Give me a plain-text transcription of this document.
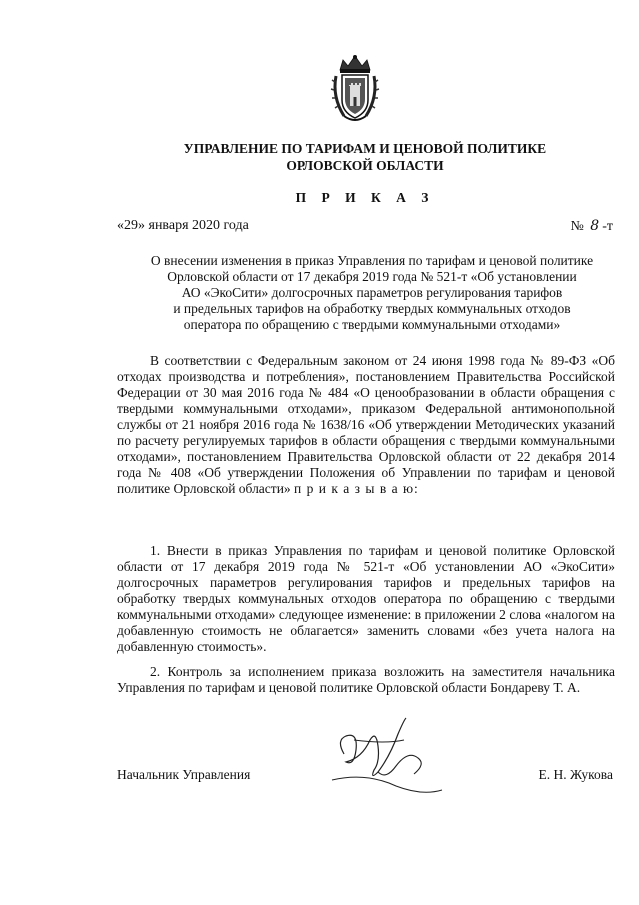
УПРАВЛЕНИЕ ПО ТАРИФАМ И ЦЕНОВОЙ ПОЛИТИКЕ
ОРЛОВСКОЙ ОБЛАСТИ
П Р И К А З
«29» января 2020 года	№ 8 -т
О внесении изменения в приказ Управления по тарифам и ценовой политике
Орловской области от 17 декабря 2019 года № 521-т «Об установлении
АО «ЭкоСити» долгосрочных параметров регулирования тарифов
и предельных тарифов на обработку твердых коммунальных отходов
оператора по обращению с твердыми коммунальными отходами»
В соответствии с Федеральным законом от 24 июня 1998 года № 89-ФЗ «Об отходах производства и потребления», постановлением Правительства Российской Федерации от 30 мая 2016 года № 484 «О ценообразовании в области обращения с твердыми коммунальными отходами», приказом Федеральной антимонопольной службы от 21 ноября 2016 года № 1638/16 «Об утверждении Методических указаний по расчету регулируемых тарифов в области обращения с твердыми коммунальными отходами», постановлением Правительства Орловской области от 22 декабря 2014 года № 408 «Об утверждении Положения об Управлении по тарифам и ценовой политике Орловской области» п р и к а з ы в а ю:
1. Внести в приказ Управления по тарифам и ценовой политике Орловской области от 17 декабря 2019 года № 521-т «Об установлении АО «ЭкоСити» долгосрочных параметров регулирования тарифов и предельных тарифов на обработку твердых коммунальных отходов оператора по обращению с твердыми коммунальными отходами» следующее изменение: в приложении 2 слова «налогом на добавленную стоимость не облагается» заменить словами «без учета налога на добавленную стоимость».
2. Контроль за исполнением приказа возложить на заместителя начальника Управления по тарифам и ценовой политике Орловской области Бондареву Т. А.
Начальник Управления	Е. Н. Жукова
